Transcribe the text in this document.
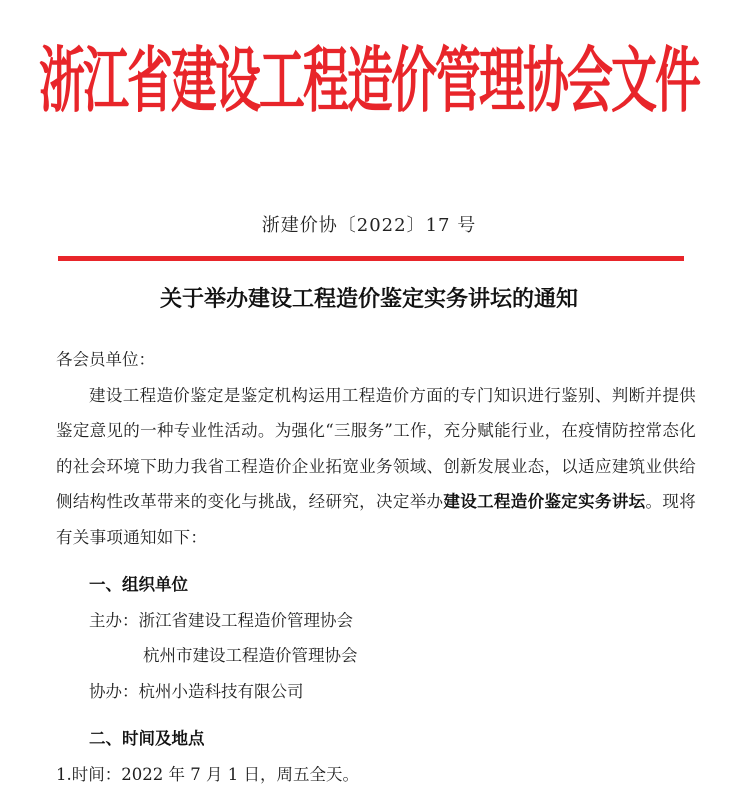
浙江省建设工程造价管理协会文件
浙建价协〔2022〕17 号
关于举办建设工程造价鉴定实务讲坛的通知

各会员单位：

建设工程造价鉴定是鉴定机构运用工程造价方面的专门知识进行鉴别、判断并提供鉴定意见的一种专业性活动。为强化“三服务”工作，充分赋能行业，在疫情防控常态化的社会环境下助力我省工程造价企业拓宽业务领域、创新发展业态，以适应建筑业供给侧结构性改革带来的变化与挑战，经研究，决定举办建设工程造价鉴定实务讲坛。现将有关事项通知如下：

一、组织单位

主办：浙江省建设工程造价管理协会

杭州市建设工程造价管理协会

协办：杭州小造科技有限公司

二、时间及地点

1.时间：2022 年 7 月 1 日，周五全天。
